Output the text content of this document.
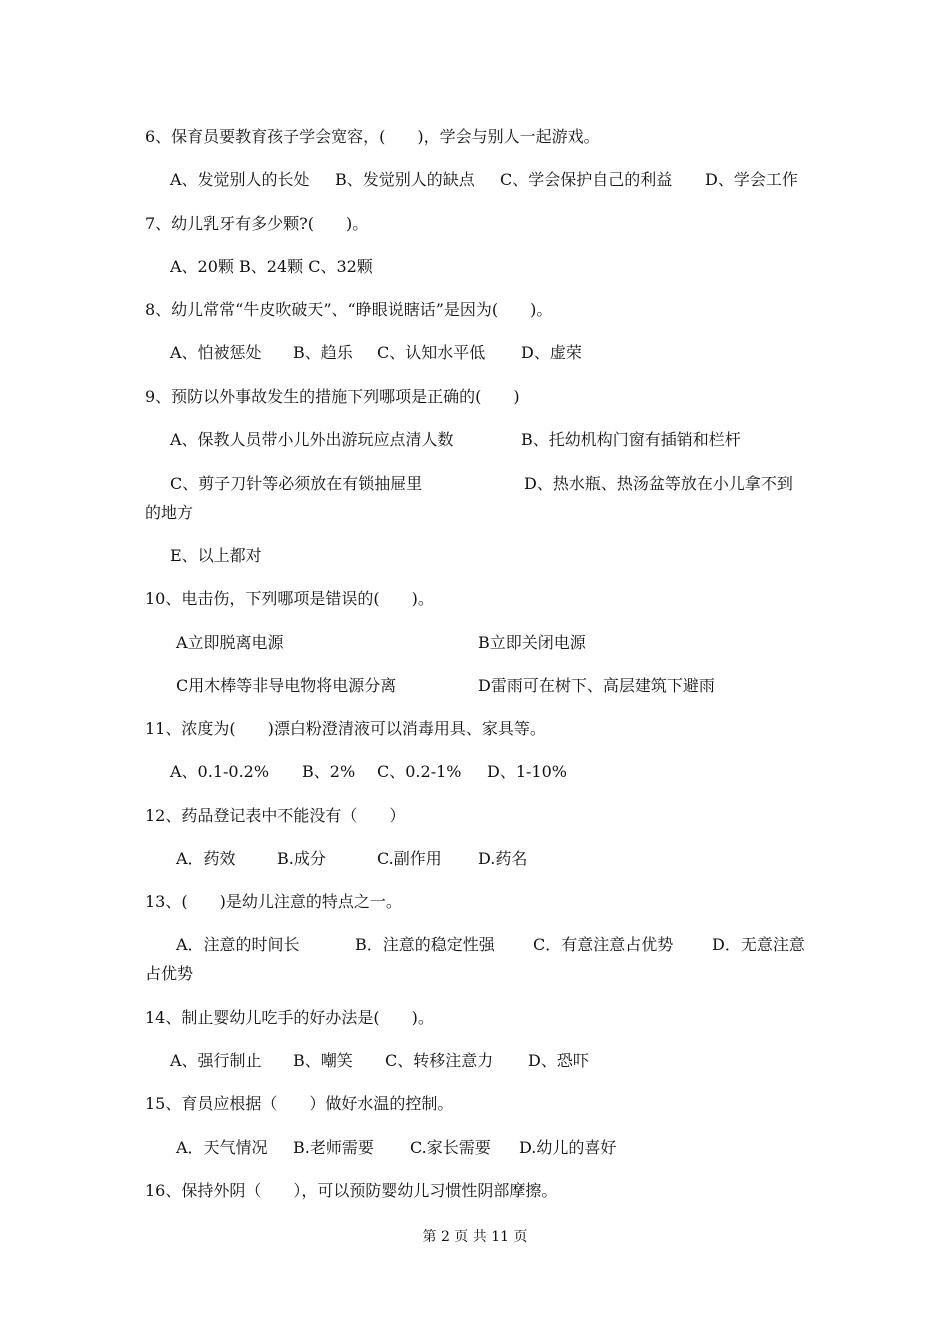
6、保育员要教育孩子学会宽容，(　　)，学会与别人一起游戏。
A、发觉别人的长处 B、发觉别人的缺点 C、学会保护自己的利益 D、学会工作
7、幼儿乳牙有多少颗?(　　)。
A、20颗 B、24颗 C、32颗
8、幼儿常常“牛皮吹破天”、“睁眼说瞎话”是因为(　　)。
A、怕被惩处 B、趋乐 C、认知水平低 D、虚荣
9、预防以外事故发生的措施下列哪项是正确的(　　)
A、保教人员带小儿外出游玩应点清人数	B、托幼机构门窗有插销和栏杆
C、剪子刀针等必须放在有锁抽屉里	D、热水瓶、热汤盆等放在小儿拿不到
的地方
E、以上都对
10、电击伤，下列哪项是错误的(　　)。
A立即脱离电源	B立即关闭电源
C用木棒等非导电物将电源分离	D雷雨可在树下、高层建筑下避雨
11、浓度为(　　)漂白粉澄清液可以消毒用具、家具等。
A、0.1-0.2% B、2% C、0.2-1% D、1-10%
12、药品登记表中不能没有（　　）
A．药效	B.成分	C.副作用 D.药名
13、(　　)是幼儿注意的特点之一。
A．注意的时间长	B．注意的稳定性强 C．有意注意占优势 D．无意注意
占优势
14、制止婴幼儿吃手的好办法是(　　)。
A、强行制止 B、嘲笑 C、转移注意力 D、恐吓
15、育员应根据（　　）做好水温的控制。
A．天气情况 B.老师需要 C.家长需要 D.幼儿的喜好
16、保持外阴（　　），可以预防婴幼儿习惯性阴部摩擦。
第 2 页 共 11 页
